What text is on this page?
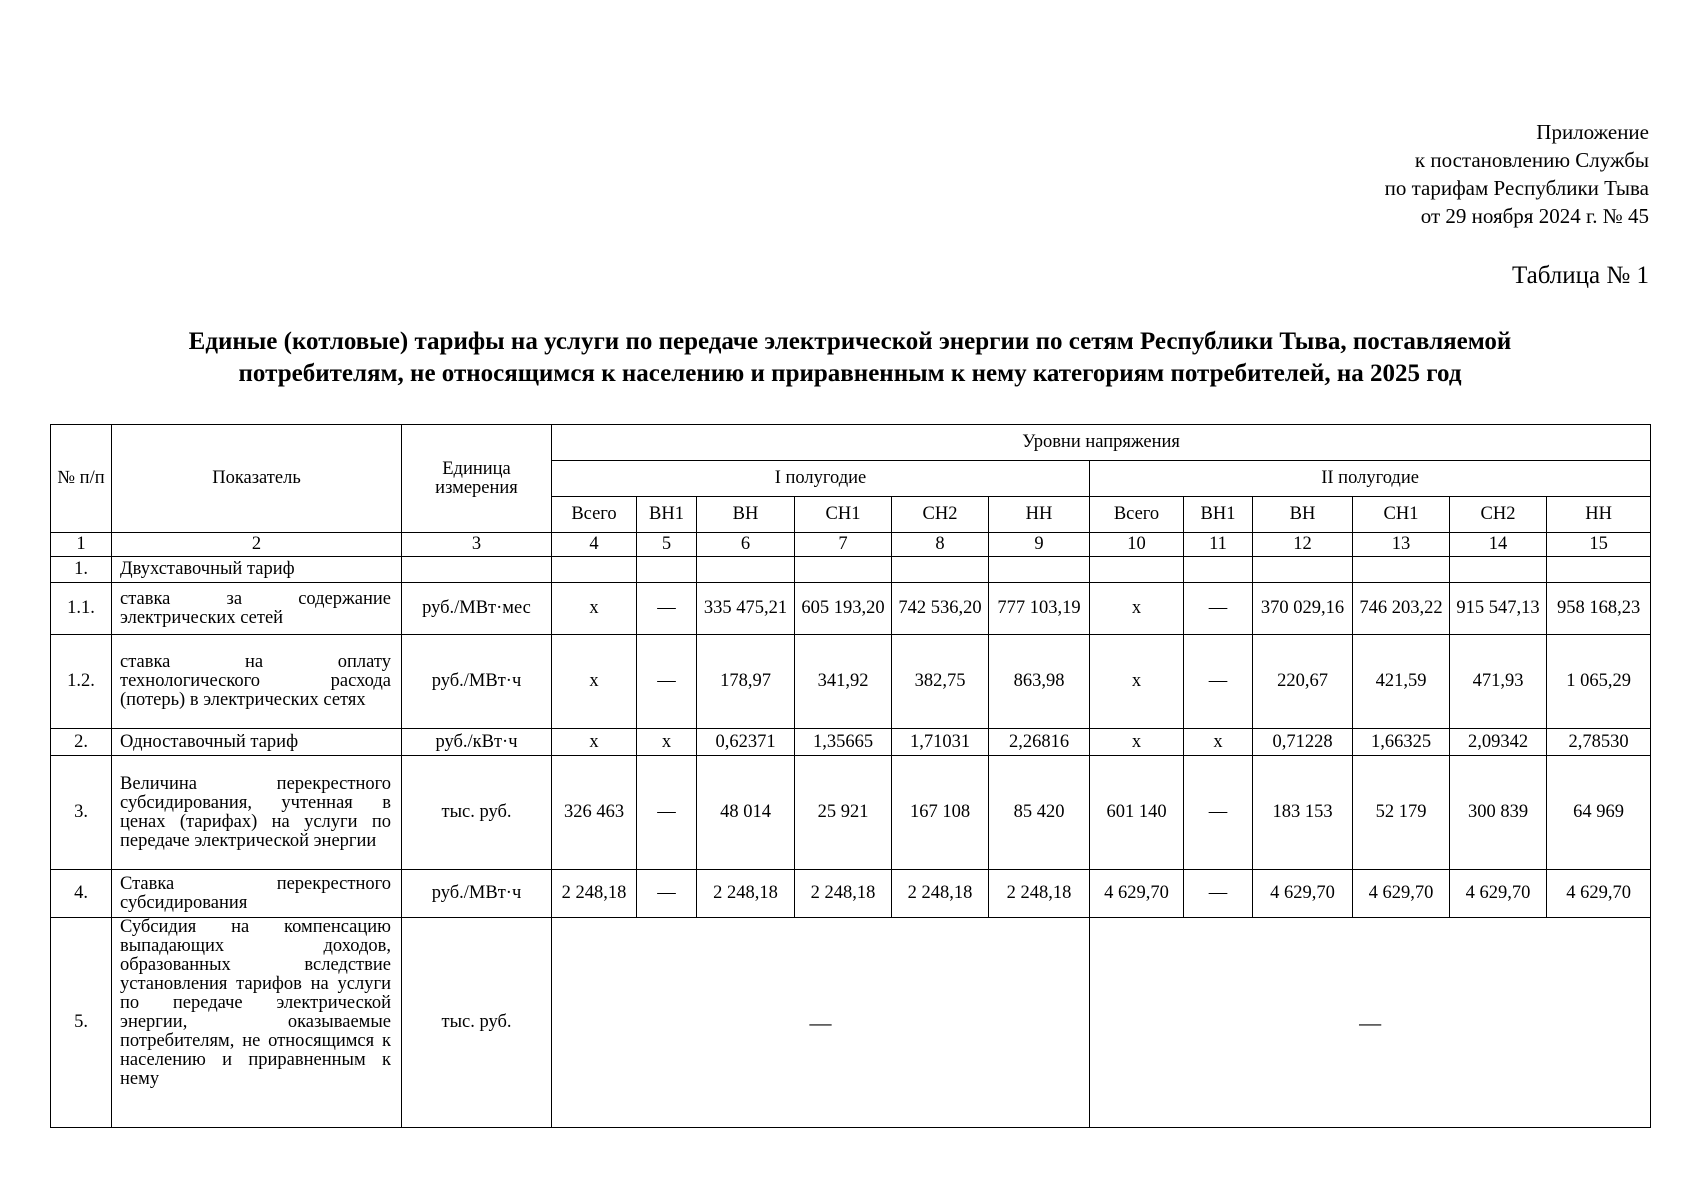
Приложение
к постановлению Службы
по тарифам Республики Тыва
от 29 ноября 2024 г. № 45
Таблица № 1
Единые (котловые) тарифы на услуги по передаче электрической энергии по сетям Республики Тыва, поставляемой
потребителям, не относящимся к населению и приравненным к нему категориям потребителей, на 2025 год
№ п/п	Показатель	Единица измерения	Уровни напряжения											
			I полугодие						II полугодие					
			Всего	ВН1	ВН	СН1	СН2	НН	Всего	ВН1	ВН	СН1	СН2	НН
1	2	3	4	5	6	7	8	9	10	11	12	13	14	15
1.	Двухставочный тариф													
1.1.	ставка за содержание электрических сетей	руб./МВт·мес	х	—	335 475,21	605 193,20	742 536,20	777 103,19	х	—	370 029,16	746 203,22	915 547,13	958 168,23
1.2.	ставка на оплату технологического расхода (потерь) в электрических сетях	руб./МВт·ч	х	—	178,97	341,92	382,75	863,98	х	—	220,67	421,59	471,93	1 065,29
2.	Одноставочный тариф	руб./кВт·ч	х	х	0,62371	1,35665	1,71031	2,26816	х	х	0,71228	1,66325	2,09342	2,78530
3.	Величина перекрестного субсидирования, учтенная в ценах (тарифах) на услуги по передаче электрической энергии	тыс. руб.	326 463	—	48 014	25 921	167 108	85 420	601 140	—	183 153	52 179	300 839	64 969
4.	Ставка перекрестного субсидирования	руб./МВт·ч	2 248,18	—	2 248,18	2 248,18	2 248,18	2 248,18	4 629,70	—	4 629,70	4 629,70	4 629,70	4 629,70
5.	Субсидия на компенсацию выпадающих доходов, образованных вследствие установления тарифов на услуги по передаче электрической энергии, оказываемые потребителям, не относящимся к населению и приравненным к нему	тыс. руб.	—						—					
